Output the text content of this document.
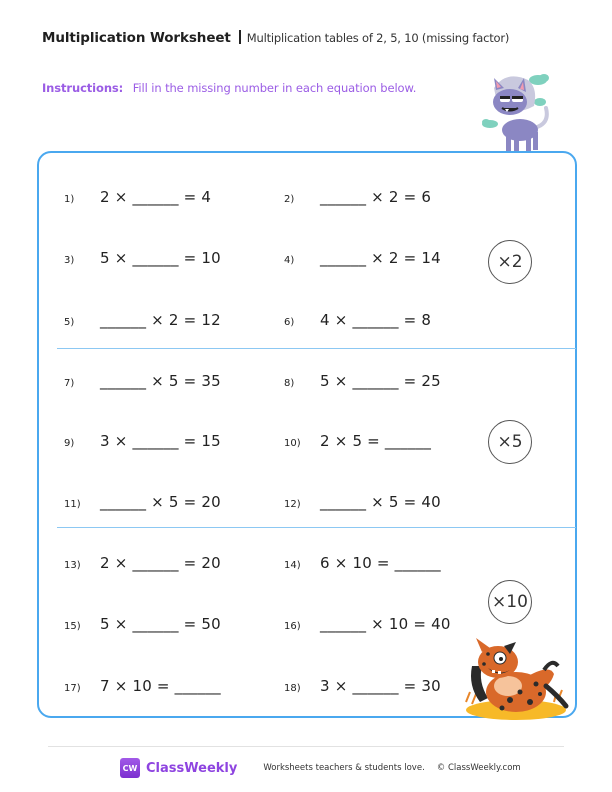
Multiplication Worksheet Multiplication tables of 2, 5, 10 (missing factor)
Instructions: Fill in the missing number in each equation below.
1)	2 × ______ = 4	2)	______ × 2 = 6
3)	5 × ______ = 10	4)	______ × 2 = 14
5)	______ × 2 = 12	6)	4 × ______ = 8
×2
7)	______ × 5 = 35	8)	5 × ______ = 25
9)	3 × ______ = 15	10)	2 × 5 = ______
11)	______ × 5 = 20	12)	______ × 5 = 40
×5
13)	2 × ______ = 20	14)	6 × 10 = ______
15)	5 × ______ = 50	16)	______ × 10 = 40
17)	7 × 10 = ______	18)	3 × ______ = 30
×10
CW ClassWeekly	Worksheets teachers & students love. © ClassWeekly.com
